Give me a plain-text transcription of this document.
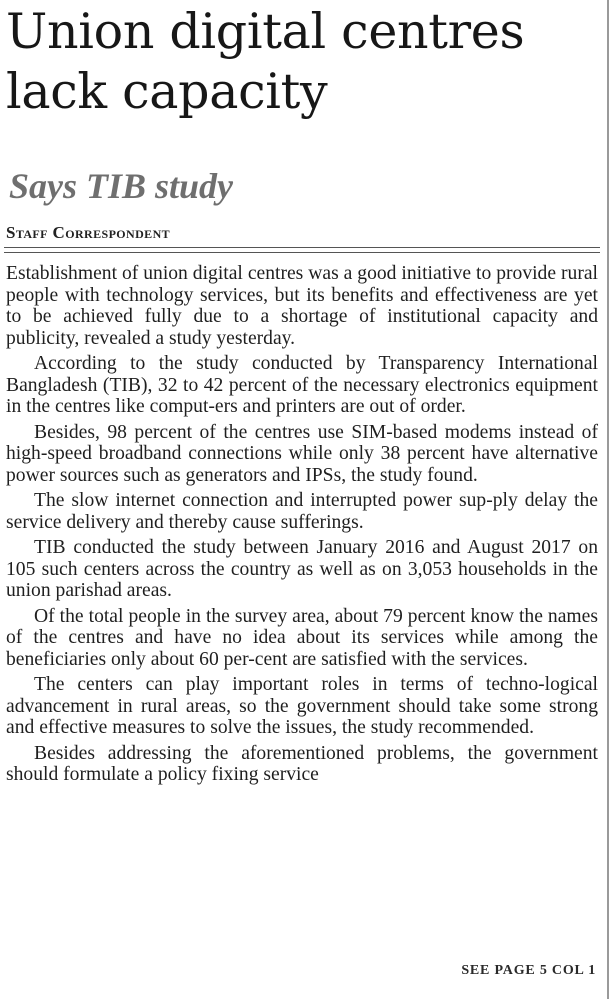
Union digital centres lack capacity
Says TIB study
Staff Correspondent

Establishment of union digital centres was a good initiative to provide rural people with technology services, but its benefits and effectiveness are yet to be achieved fully due to a shortage of institutional capacity and publicity, revealed a study yesterday.

According to the study conducted by Transparency International Bangladesh (TIB), 32 to 42 percent of the necessary electronics equipment in the centres like comput-ers and printers are out of order.

Besides, 98 percent of the centres use SIM-based modems instead of high-speed broadband connections while only 38 percent have alternative power sources such as generators and IPSs, the study found.

The slow internet connection and interrupted power sup-ply delay the service delivery and thereby cause sufferings.

TIB conducted the study between January 2016 and August 2017 on 105 such centers across the country as well as on 3,053 households in the union parishad areas.

Of the total people in the survey area, about 79 percent know the names of the centres and have no idea about its services while among the beneficiaries only about 60 per-cent are satisfied with the services.

The centers can play important roles in terms of techno-logical advancement in rural areas, so the government should take some strong and effective measures to solve the issues, the study recommended.

Besides addressing the aforementioned problems, the government should formulate a policy fixing service

SEE PAGE 5 COL 1
